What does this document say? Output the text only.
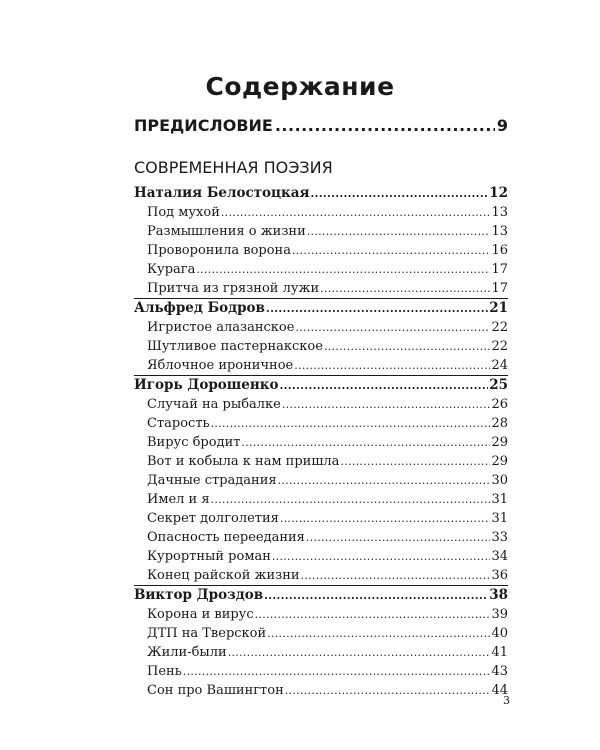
Содержание
ПРЕДИСЛОВИЕ .....	9
СОВРЕМЕННАЯ ПОЭЗИЯ
Наталия Белостоцкая .....	12
Под мухой .....	13
Размышления о жизни .....	13
Проворонила ворона .....	16
Курага .....	17
Притча из грязной лужи .....	17
Альфред Бодров .....	21
Игристое алазанское .....	22
Шутливое пастернакское .....	22
Яблочное ироничное .....	24
Игорь Дорошенко .....	25
Случай на рыбалке .....	26
Старость .....	28
Вирус бродит .....	29
Вот и кобыла к нам пришла .....	29
Дачные страдания .....	30
Имел и я .....	31
Секрет долголетия .....	31
Опасность переедания .....	33
Курортный роман .....	34
Конец райской жизни .....	36
Виктор Дроздов .....	38
Корона и вирус .....	39
ДТП на Тверской .....	40
Жили-были .....	41
Пень .....	43
Сон про Вашингтон .....	44
3
